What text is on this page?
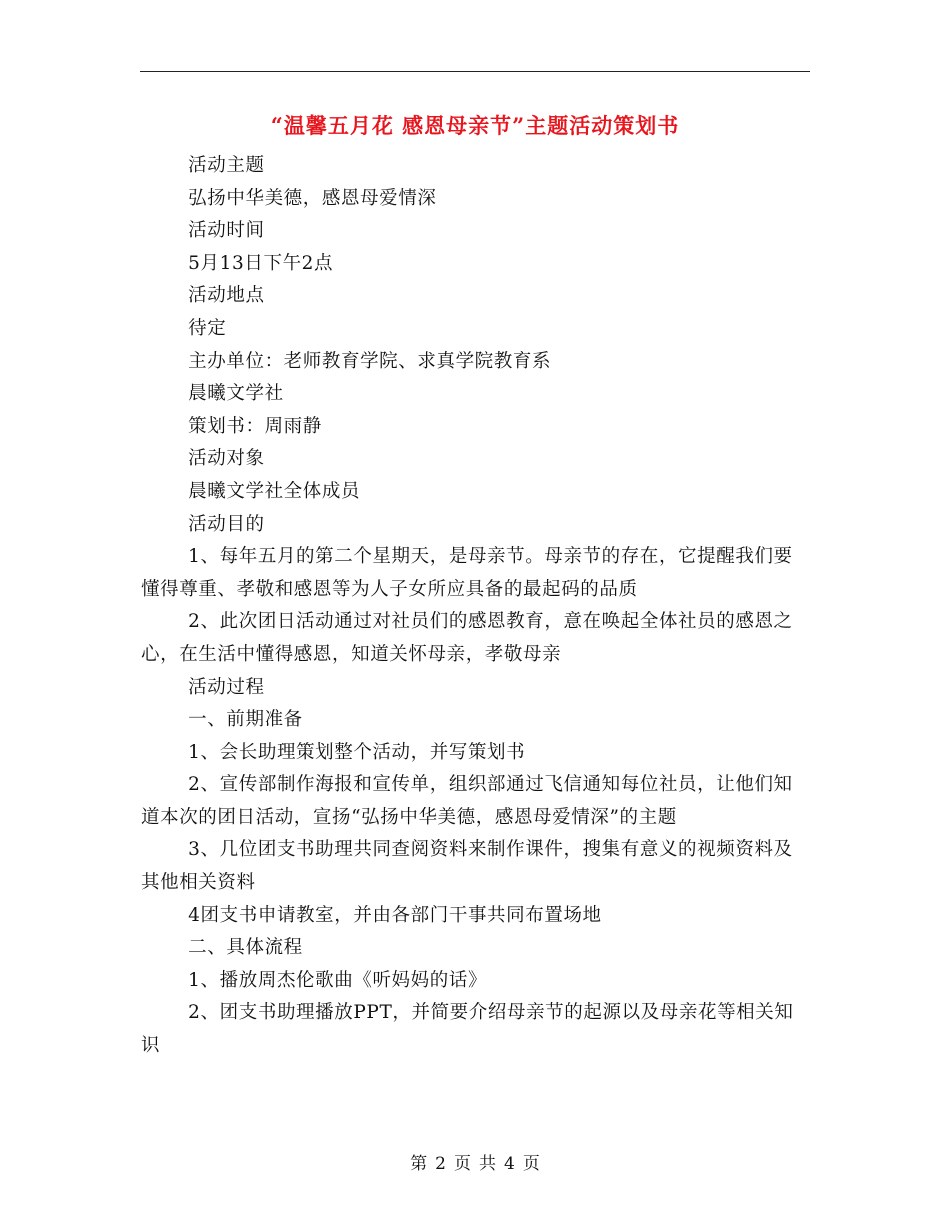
“温馨五月花 感恩母亲节”主题活动策划书

活动主题

弘扬中华美德，感恩母爱情深

活动时间

5月13日下午2点

活动地点

待定

主办单位：老师教育学院、求真学院教育系

晨曦文学社

策划书：周雨静

活动对象

晨曦文学社全体成员

活动目的

1、每年五月的第二个星期天，是母亲节。母亲节的存在，它提醒我们要懂得尊重、孝敬和感恩等为人子女所应具备的最起码的品质

2、此次团日活动通过对社员们的感恩教育，意在唤起全体社员的感恩之心，在生活中懂得感恩，知道关怀母亲，孝敬母亲

活动过程

一、前期准备

1、会长助理策划整个活动，并写策划书

2、宣传部制作海报和宣传单，组织部通过飞信通知每位社员，让他们知道本次的团日活动，宣扬“弘扬中华美德，感恩母爱情深”的主题

3、几位团支书助理共同查阅资料来制作课件，搜集有意义的视频资料及其他相关资料

4团支书申请教室，并由各部门干事共同布置场地

二、具体流程

1、播放周杰伦歌曲《听妈妈的话》

2、团支书助理播放PPT，并简要介绍母亲节的起源以及母亲花等相关知识

第 2 页 共 4 页
